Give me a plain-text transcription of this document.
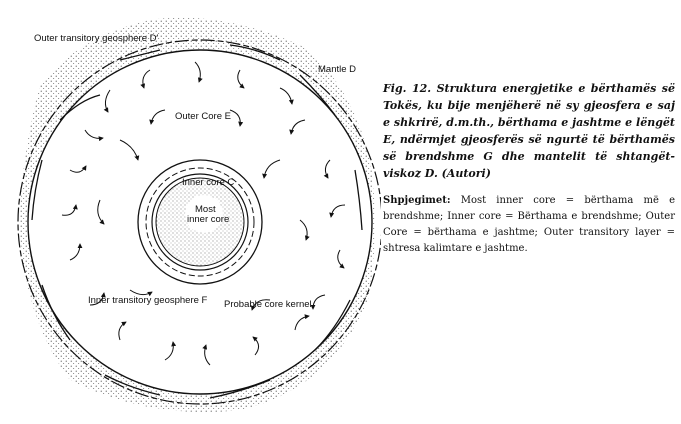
Outer transitory geosphere D'
Mantle D
Outer Core E
Inner core C
Most
inner core
Inner transitory geosphere F Probable core kernel

Fig. 12. Struktura energjetike e bërthamës së Tokës, ku bije menjëherë në sy gjeosfera e saj e shkrirë, d.m.th., bërthama e jashtme e lëngët E, ndërmjet gjeosferës së ngurtë të bërthamës së brendshme G dhe mantelit të shtangët-viskoz D. (Autori)

Shpjegimet: Most inner core = bërthama më e brendshme; Inner core = Bërthama e brendshme; Outer Core = bërthama e jashtme; Outer transitory layer = shtresa kalimtare e jashtme.
